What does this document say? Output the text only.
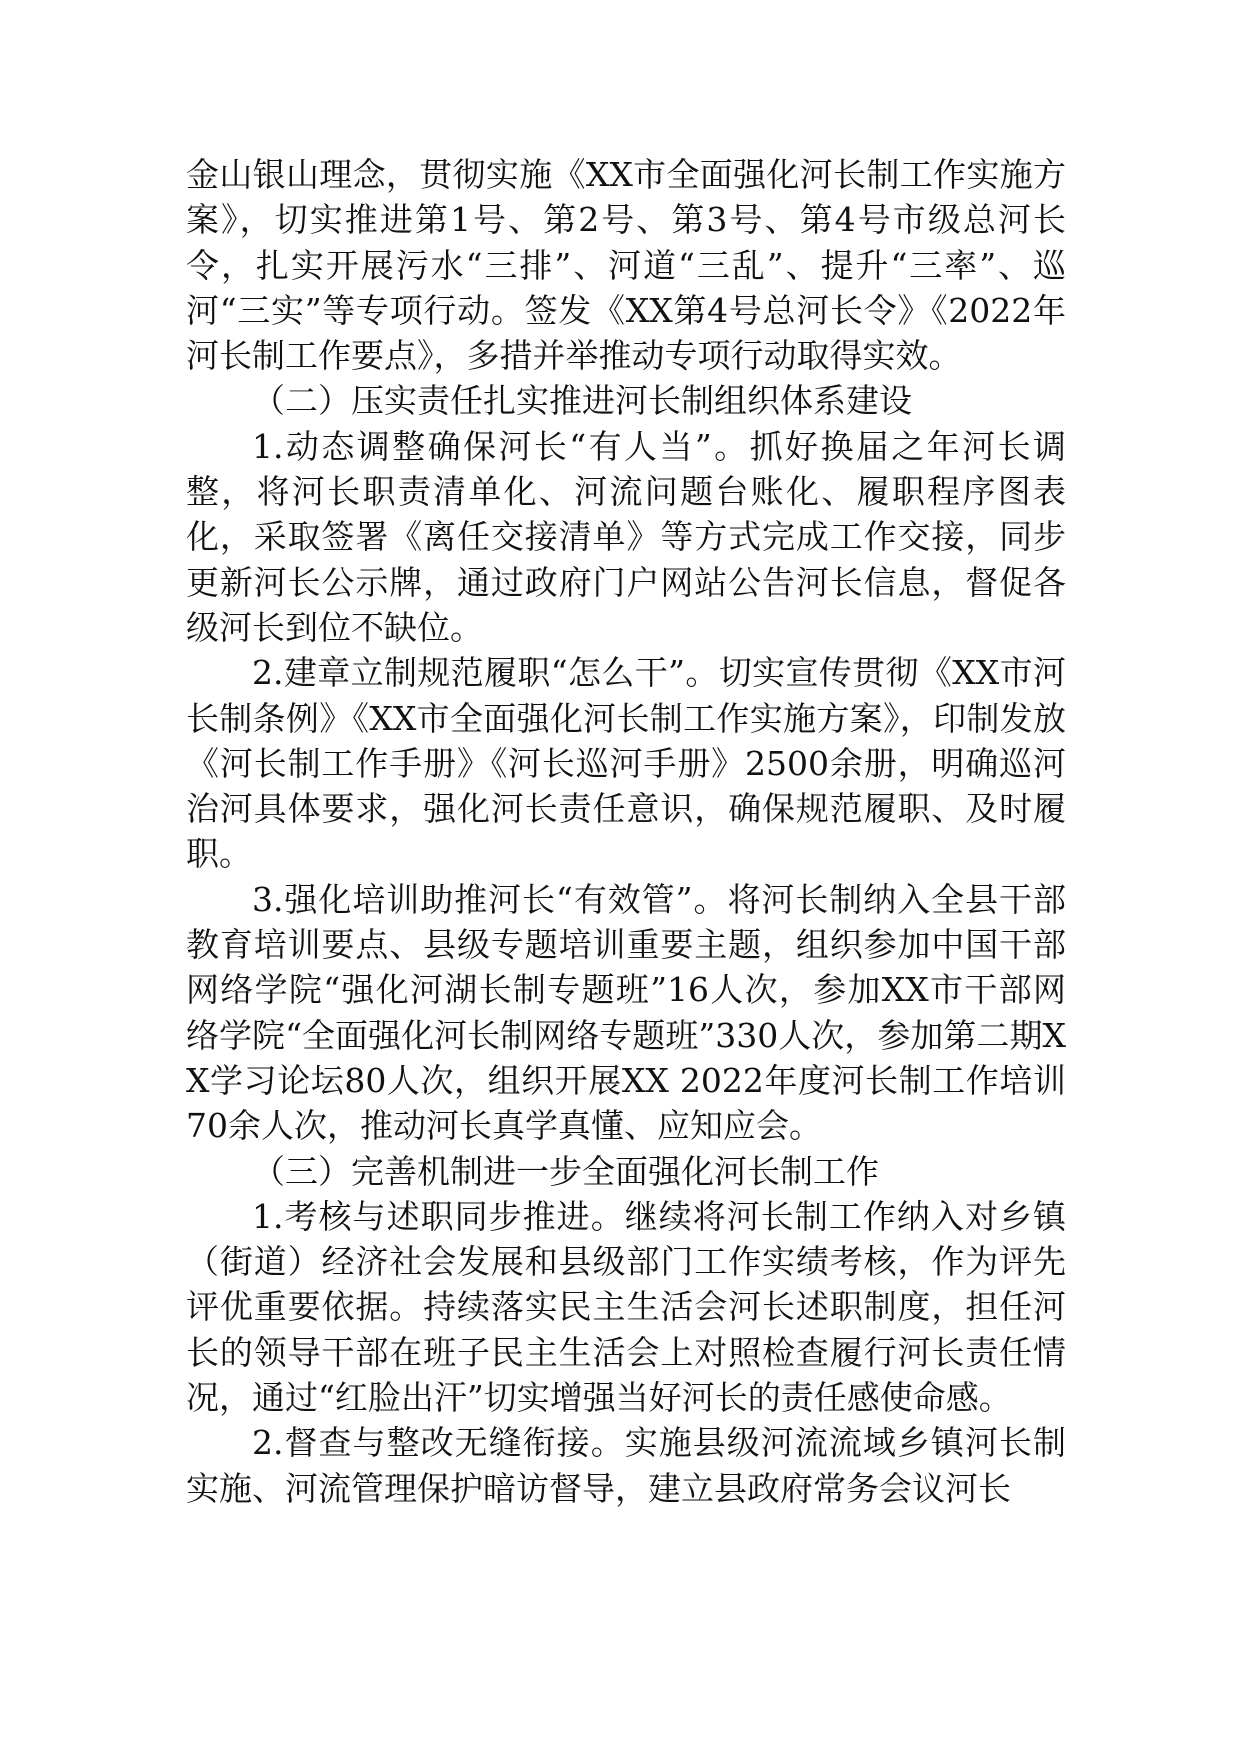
金山银山理念，贯彻实施《XX市全面强化河长制工作实施方案》，切实推进第1号、第2号、第3号、第4号市级总河长令，扎实开展污水“三排”、河道“三乱”、提升“三率”、巡河“三实”等专项行动。签发《XX第4号总河长令》《2022年河长制工作要点》，多措并举推动专项行动取得实效。

（二）压实责任扎实推进河长制组织体系建设

1.动态调整确保河长“有人当”。抓好换届之年河长调整，将河长职责清单化、河流问题台账化、履职程序图表化，采取签署《离任交接清单》等方式完成工作交接，同步更新河长公示牌，通过政府门户网站公告河长信息，督促各级河长到位不缺位。

2.建章立制规范履职“怎么干”。切实宣传贯彻《XX市河长制条例》《XX市全面强化河长制工作实施方案》，印制发放《河长制工作手册》《河长巡河手册》2500余册，明确巡河治河具体要求，强化河长责任意识，确保规范履职、及时履职。

3.强化培训助推河长“有效管”。将河长制纳入全县干部教育培训要点、县级专题培训重要主题，组织参加中国干部网络学院“强化河湖长制专题班”16人次，参加XX市干部网络学院“全面强化河长制网络专题班”330人次，参加第二期XX学习论坛80人次，组织开展XX 2022年度河长制工作培训70余人次，推动河长真学真懂、应知应会。

（三）完善机制进一步全面强化河长制工作

1.考核与述职同步推进。继续将河长制工作纳入对乡镇（街道）经济社会发展和县级部门工作实绩考核，作为评先评优重要依据。持续落实民主生活会河长述职制度，担任河长的领导干部在班子民主生活会上对照检查履行河长责任情况，通过“红脸出汗”切实增强当好河长的责任感使命感。

2.督查与整改无缝衔接。实施县级河流流域乡镇河长制实施、河流管理保护暗访督导，建立县政府常务会议河长
